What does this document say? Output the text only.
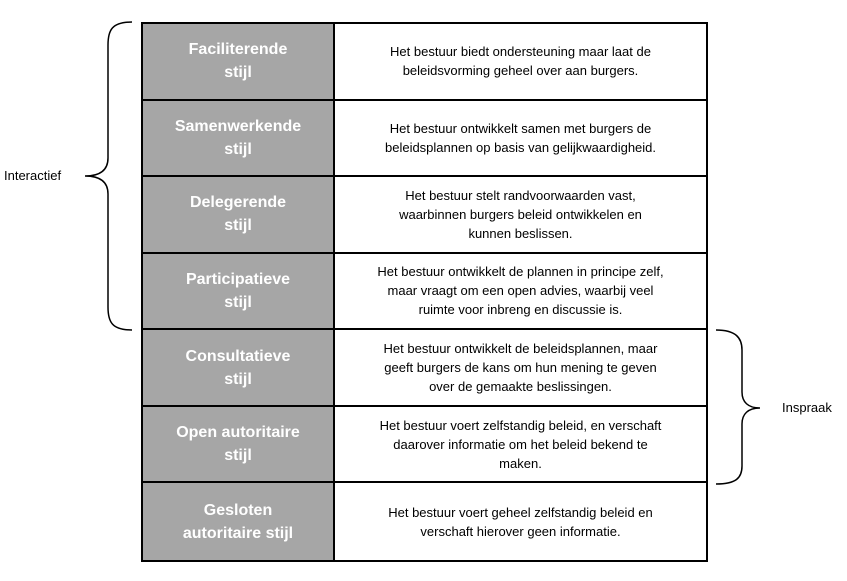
Faciliterende
stijl
Het bestuur biedt ondersteuning maar laat de
beleidsvorming geheel over aan burgers.
Samenwerkende
stijl
Het bestuur ontwikkelt samen met burgers de
beleidsplannen op basis van gelijkwaardigheid.
Delegerende
stijl
Het bestuur stelt randvoorwaarden vast,
waarbinnen burgers beleid ontwikkelen en
kunnen beslissen.
Participatieve
stijl
Het bestuur ontwikkelt de plannen in principe zelf,
maar vraagt om een open advies, waarbij veel
ruimte voor inbreng en discussie is.
Consultatieve
stijl
Het bestuur ontwikkelt de beleidsplannen, maar
geeft burgers de kans om hun mening te geven
over de gemaakte beslissingen.
Open autoritaire
stijl
Het bestuur voert zelfstandig beleid, en verschaft
daarover informatie om het beleid bekend te
maken.
Gesloten
autoritaire stijl
Het bestuur voert geheel zelfstandig beleid en
verschaft hierover geen informatie.
Interactief
Inspraak
